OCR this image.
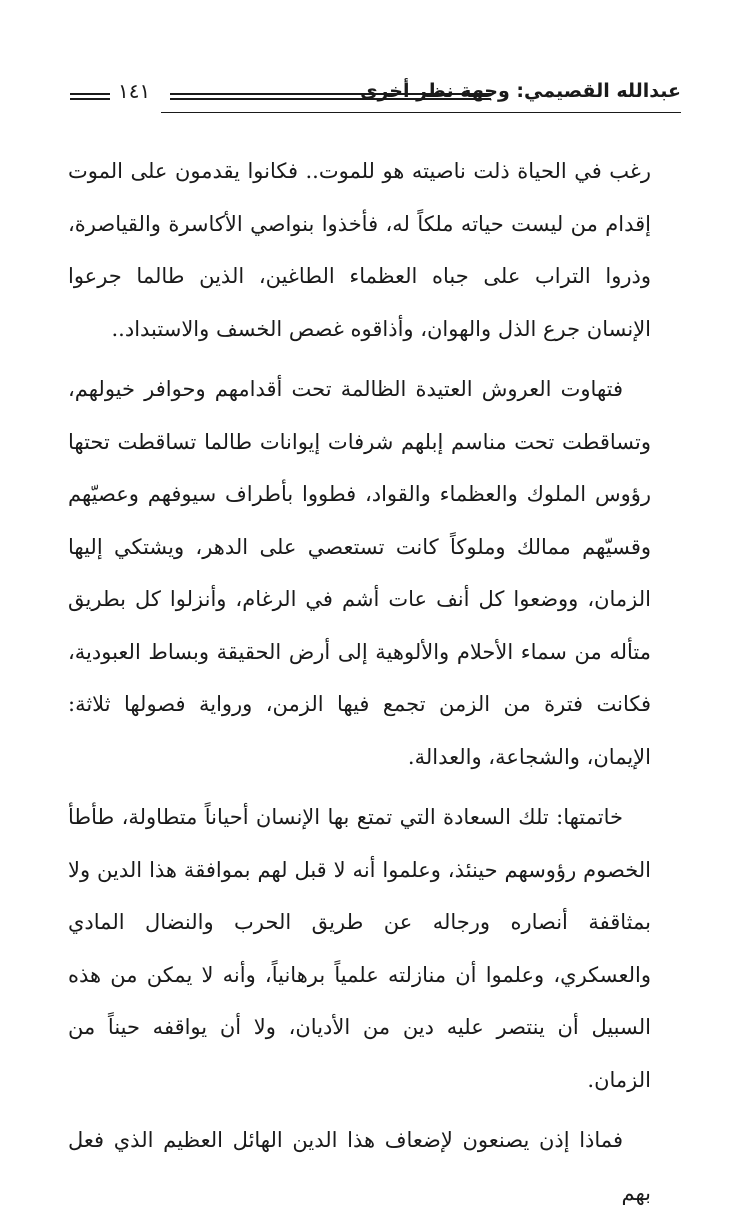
عبدالله القصيمي: وجهة نظر أخرى
١٤١

رغب في الحياة ذلت ناصيته هو للموت.. فكانوا يقدمون على الموت إقدام من ليست حياته ملكاً له، فأخذوا بنواصي الأكاسرة والقياصرة، وذروا التراب على جباه العظماء الطاغين، الذين طالما جرعوا الإنسان جرع الذل والهوان، وأذاقوه غصص الخسف والاستبداد..

فتهاوت العروش العتيدة الظالمة تحت أقدامهم وحوافر خيولهم، وتساقطت تحت مناسم إبلهم شرفات إيوانات طالما تساقطت تحتها رؤوس الملوك والعظماء والقواد، فطووا بأطراف سيوفهم وعصيّهم وقسيّهم ممالك وملوكاً كانت تستعصي على الدهر، ويشتكي إليها الزمان، ووضعوا كل أنف عات أشم في الرغام، وأنزلوا كل بطريق متأله من سماء الأحلام والألوهية إلى أرض الحقيقة وبساط العبودية، فكانت فترة من الزمن تجمع فيها الزمن، ورواية فصولها ثلاثة: الإيمان، والشجاعة، والعدالة.

خاتمتها: تلك السعادة التي تمتع بها الإنسان أحياناً متطاولة، طأطأ الخصوم رؤوسهم حينئذ، وعلموا أنه لا قبل لهم بموافقة هذا الدين ولا بمثاقفة أنصاره ورجاله عن طريق الحرب والنضال المادي والعسكري، وعلموا أن منازلته علمياً برهانياً، وأنه لا يمكن من هذه السبيل أن ينتصر عليه دين من الأديان، ولا أن يواقفه حيناً من الزمان.

فماذا إذن يصنعون لإضعاف هذا الدين الهائل العظيم الذي فعل بهم
